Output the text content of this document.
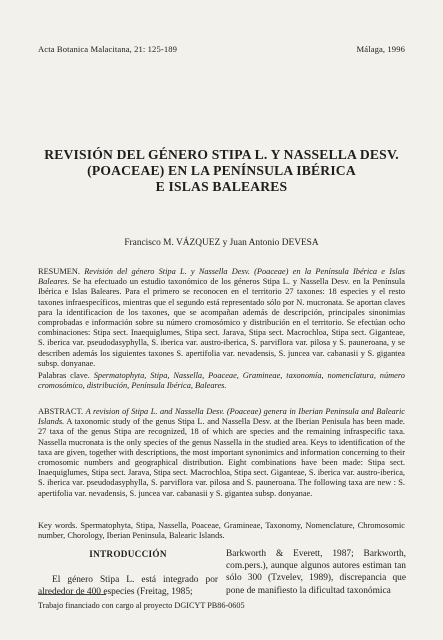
Acta Botanica Malacitana, 21: 125-189	Málaga, 1996
REVISIÓN DEL GÉNERO STIPA L. Y NASSELLA DESV.
(POACEAE) EN LA PENÍNSULA IBÉRICA
E ISLAS BALEARES
Francisco M. VÁZQUEZ y Juan Antonio DEVESA

RESUMEN. Revisión del género Stipa L. y Nassella Desv. (Poaceae) en la Península Ibérica e Islas Baleares. Se ha efectuado un estudio taxonómico de los géneros Stipa L. y Nassella Desv. en la Península Ibérica e Islas Baleares. Para el primero se reconocen en el territorio 27 taxones: 18 especies y el resto taxones infraespecíficos, mientras que el segundo está representado sólo por N. mucronata. Se aportan claves para la identificacion de los taxones, que se acompañan además de descripción, principales sinonimias comprobadas e información sobre su número cromosómico y distribución en el territorio. Se efectúan ocho combinaciones: Stipa sect. Inaequiglumes, Stipa sect. Jarava, Stipa sect. Macrochloa, Stipa sect. Giganteae, S. iberica var. pseudodasyphylla, S. iberica var. austro-iberica, S. parviflora var. pilosa y S. pauneroana, y se describen además los siguientes taxones S. apertifolia var. nevadensis, S. juncea var. cabanasii y S. gigantea subsp. donyanae.

Palabras clave. Spermatophyta, Stipa, Nassella, Poaceae, Gramineae, taxonomía, nomenclatura, número cromosómico, distribución, Península Ibérica, Baleares.

ABSTRACT. A revision of Stipa L. and Nassella Desv. (Poaceae) genera in Iberian Peninsula and Balearic Islands. A taxonomic study of the genus Stipa L. and Nassella Desv. at the Iberian Penisula has been made. 27 taxa of the genus Stipa are recognized, 18 of which are species and the remaining infraspecific taxa. Nassella mucronata is the only species of the genus Nassella in the studied area. Keys to identification of the taxa are given, together with descriptions, the most important synonimics and information concerning to their cromosomic numbers and geographical distribution. Eight combinations have been made: Stipa sect. Inaequiglumes, Stipa sect. Jarava, Stipa sect. Macrochloa, Stipa sect. Giganteae, S. iberica var. austro-iberica, S. iberica var. pseudodasyphylla, S. parviflora var. pilosa and S. pauneroana. The following taxa are new : S. apertifolia var. nevadensis, S. juncea var. cabanasii y S. gigantea subsp. donyanae.

Key words. Spermatophyta, Stipa, Nassella, Poaceae, Gramineae, Taxonomy, Nomenclature, Chromosomic number, Chorology, Iberian Peninsula, Balearic Islands.

INTRODUCCIÓN
El género Stipa L. está integrado por alrededor de 400 especies (Freitag, 1985;

Barkworth & Everett, 1987; Barkworth, com.pers.), aunque algunos autores estiman tan sólo 300 (Tzvelev, 1989), discrepancia que pone de manifiesto la dificultad taxonómica

Trabajo financiado con cargo al proyecto DGICYT PB86-0605
